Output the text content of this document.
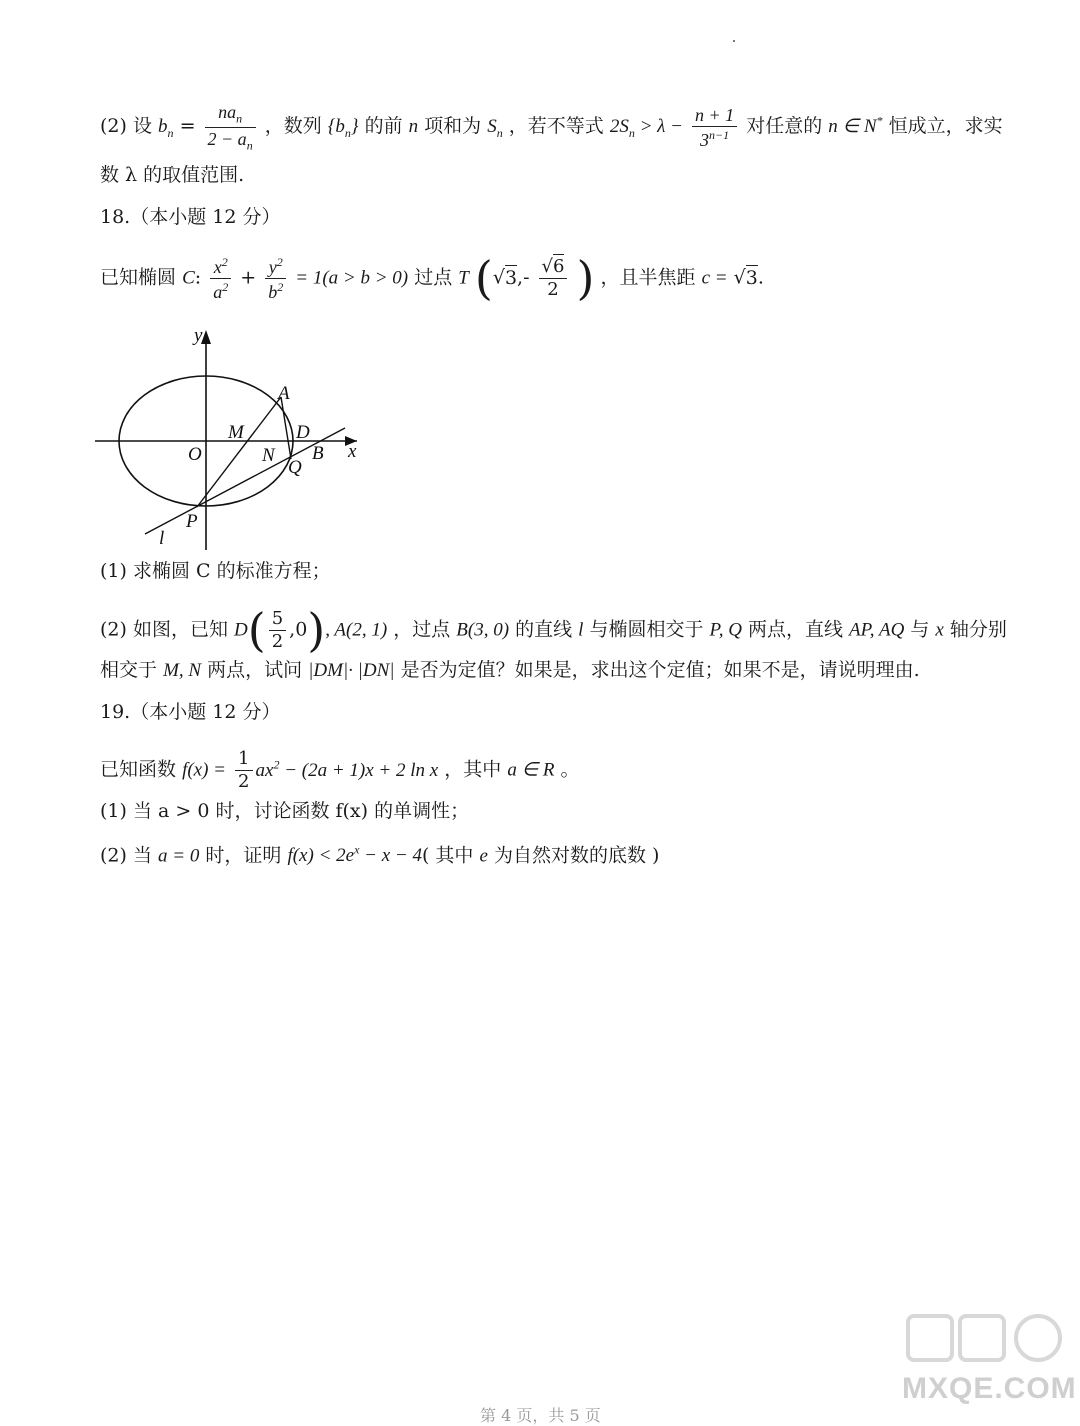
(2) 设 $b_n = \frac{na_n}{2 - a_n}$ ，数列 $\{b_n\}$ 的前 n 项和为 $S_n$ ，若不等式 $2S_n > \lambda - \frac{n + 1}{3^{n-1}}$ 对任意的 n ∈ N* 恒成立，求实
数 λ 的取值范围.
18.（本小题 12 分）
已知椭圆 C: $\frac{x^2}{a^2} + \frac{y^2}{b^2} = 1(a > b > 0)$ 过点 T ($√3,- \frac{√6}{2}$ ) ，且半焦距 c = √3.
y
x
A
M	D
O	N
Q
B
P
l
(1) 求椭圆 C 的标准方程；
(2) 如图，已知 $D( \frac{5}{2} ,0)$, A(2, 1) ，过点 B(3, 0) 的直线 l 与椭圆相交于 P, Q 两点，直线 AP, AQ 与 x 轴分别
相交于 M, N 两点，试问 |DM|· |DN| 是否为定值？如果是，求出这个定值；如果不是，请说明理由.
19.（本小题 12 分）
已知函数 $f(x) = \frac{1}{2} ax^2 - (2a + 1)x + 2$ ln x ，其中 a ∈ R 。
(1) 当 a > 0 时，讨论函数 f(x) 的单调性；
(2) 当 a = 0 时，证明 $f(x) < 2e^x - x - 4$( 其中 e 为自然对数的底数 )
MXQE.COM
第 4 页，共 5 页
